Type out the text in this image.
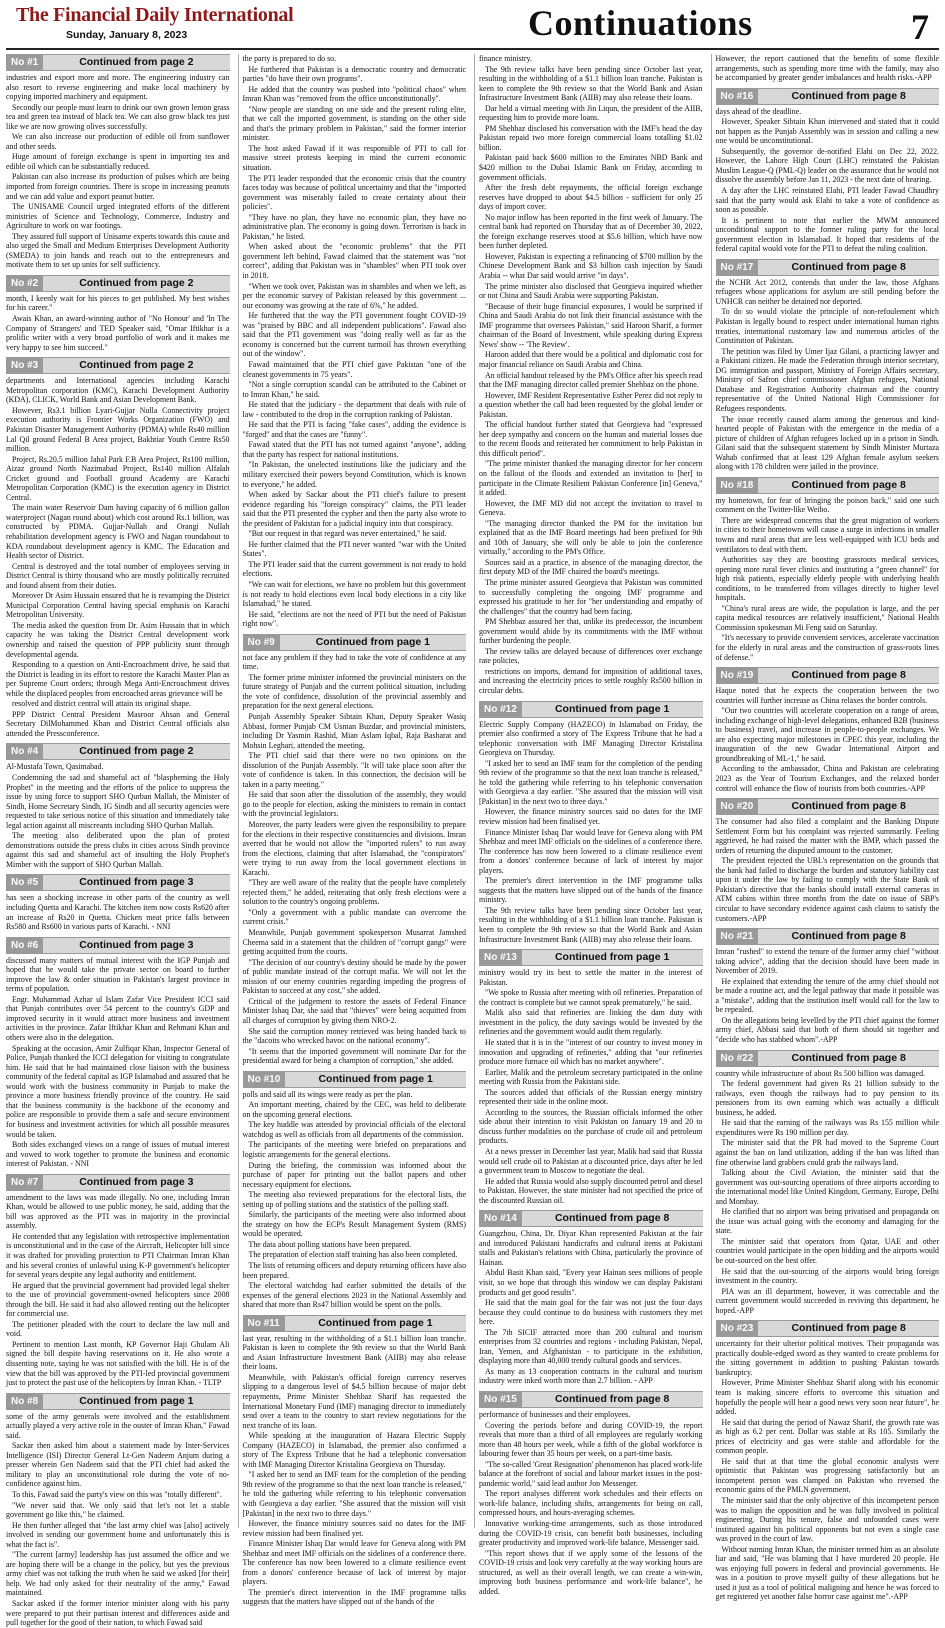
The Financial Daily International
Sunday, January 8, 2023	Continuations	7
No #1	Continued from page 2

industries and export more and more. The engineering industry can also resort to reverse engineering and make local machinery by copying imported machinery and equipment.

Secondly our people must learn to drink our own grown lemon grass tea and green tea instead of black tea. We can also grow black tea just like we are now growing olives successfully.

We can also increase our production of edible oil from sunflower and other seeds.

Huge amount of foreign exchange is spent in importing tea and edible oil which can be substantially reduced.

Pakistan can also increase its production of pulses which are being imported from foreign countries. There is scope in increasing peanuts and we can add value and export peanut butter.

The UNISAME Council urged integrated efforts of the different ministries of Science and Technology, Commerce, Industry and Agriculture to work on war footings.

They assured full support of Unisame experts towards this cause and also urged the Small and Medium Enterprises Development Authority (SMEDA) to join hands and reach out to the entrepreneurs and motivate them to set up units for self sufficiency.

No #2	Continued from page 2

month, I keenly wait for his pieces to get published. My best wishes for his career."

Awais Khan, an award-winning author of "No Honour' and 'In The Company of Strangers' and TED Speaker said, "Omar Iftikhar is a prolific writer with a very broad portfolio of work and it makes me very happy to see him succeed."

No #3	Continued from page 2

departments and International agencies including Karachi Metropolitan corporation (KMC), Karachi Development Authority (KDA), CLICK, World Bank and Asian Development Bank.

However, Rs3.1 billion Lyari-Gujjar Nulla Connectivity project execution authority is Frontier Works Organization (FWO) and Pakistan Disaster Management Authority (PDMA) while Rs40 million Lal Qil ground Federal B Area project, Bakhtiar Youth Centre Rs50 million.

Project, Rs.20.5 million Jahal Park F.B Area Project, Rs100 million, Aizaz ground North Nazimabad Project, Rs140 million Alfalah Cricket ground and Football ground Academy are Karachi Metropolitan Corporation (KMC) is the execution agency in District Central.

The main water Reservoir Dam having capacity of 6 million gallon waterproject (Nagan round about) which cost around Rs.1 billion, was constructed by PDMA. Gujjar-Nullah and Orangi Nullah rehabilitation development agency is FWO and Nagan roundabout to KDA roundabout development agency is KMC. The Education and Health sector of District.

Central is destroyed and the total number of employees serving in District Central is thirty thousand who are mostly politically recruited and found absent from their duties.

Moreover Dr Asim Hussain ensured that he is revamping the District Municipal Corporation Central having special emphasis on Karachi Metropolitan University.

The media asked the question from Dr. Asim Hussain that in which capacity he was taking the District Central development work ownership and raised the question of PPP publicity stunt through developmental agenda.

Responding to a question on Anti-Encroachment drive, he said that the District is leading in its effort to restore the Karachi Master Plan as per Supreme Court orders; through Mega Anti-Encroachment drives while the displaced peoples from encroached areas grievance will be

resolved and district central will attain its original shape.

PPP District Central President Masroor Ahsan and General Secretary DilMohammed Khan and District Central officials also attended the Pressconference.

No #4	Continued from page 2

Al-Mustafa Town, Qasimabad.

Condemning the sad and shameful act of "blaspheming the Holy Prophet" in the meeting and the efforts of the police to suppress the issue by using force to support SHO Qurban Mallah, the Minister of Sindh, Home Secretary Sindh, IG Sindh and all security agencies were requested to take serious notice of this situation and immediately take legal action against all miscreants including SHO Qurban Mallah.

The meeting also deliberated upon the plan of protest demonstrations outside the press clubs in cities across Sindh province against this sad and shameful act of insulting the Holy Prophet's Mimber with the support of SHO Qurban Mallah.

No #5	Continued from page 3

has seen a shocking increase in other parts of the country as well including Quetta and Karachi. The kitchen item now costs Rs620 after an increase of Rs20 in Quetta. Chicken meat price falls between Rs580 and Rs600 in various parts of Karachi. - NNI

No #6	Continued from page 3

discussed many matters of mutual interest with the IGP Punjab and hoped that he would take the private sector on board to further improve the law & order situation in Pakistan's largest province in terms of population.

Engr. Muhammad Azhar ul Islam Zafar Vice President ICCI said that Punjab contributes over 54 percent to the country's GDP and improved security in it would attract more business and investment activities in the province. Zafar Iftikhar Khan and Rehmani Khan and others were also in the delegation.

Speaking at the occasion, Amir Zulfiqar Khan, Inspector General of Police, Punjab thanked the ICCI delegation for visiting to congratulate him. He said that he had maintained close liaison with the business community of the federal capital as IGP Islamabad and assured that he would work with the business community in Punjab to make the province a more business friendly province of the country. He said that the business community is the backbone of the economy and police are responsible to provide them a safe and secure environment for business and investment activities for which all possible measures would be taken.

Both sides exchanged views on a range of issues of mutual interest and vowed to work together to promote the business and economic interest of Pakistan. - NNI

No #7	Continued from page 3

amendment to the laws was made illegally. No one, including Imran Khan, would be allowed to use public money, he said, adding that the bill was approved as the PTI was in majority in the provincial assembly.

He contended that any legislation with retrospective implementation is unconstitutional and in the case of the Aircraft, Helicopter bill since it was drafted for providing protection to PTI Chairman Imran Khan and his several cronies of unlawful using K-P government's helicopter for several years despite any legal authority and entitlement.

He argued that the provincial government had provided legal shelter to the use of provincial government-owned helicopters since 2008 through the bill. He said it had also allowed renting out the helicopter for commercial use.

The petitioner pleaded with the court to declare the law null and void.

Pertinent to mention Last month, KP Governor Haji Ghulam Ali signed the bill despite having reservations on it. He also wrote a dissenting note, saying he was not satisfied with the bill. He is of the view that the bill was approved by the PTI-led provincial government just to protect the past use of the helicopters by Imran Khan. - TLTP

No #8	Continued from page 1

some of the army generals were involved and the establishment actually played a very active role in the ouster of Imran Khan," Fawad said.

Sackar then asked him about a statement made by Inter-Services Intelligence (ISI) Director General Lt-Gen Nadeem Anjum during a presser wherein Gen Nadeem said that the PTI chief had asked the military to play an unconstitutional role during the vote of no-confidence against him.

To this, Fawad said the party's view on this was "totally different".

"We never said that. We only said that let's not let a stable government go like this," he claimed.

He then further alleged that "the last army chief was [also] actively involved in sending our government home and unfortunately this is what the fact is".

"The current [army] leadership has just assumed the office and we are hoping there will be a change in the policy, but yes the previous army chief was not talking the truth when he said we asked [for their] help. We had only asked for their neutrality of the army," Fawad maintained.

Sackar asked if the former interior minister along with his party were prepared to put their partisan interest and differences aside and pull together for the good of their nation, to which Fawad said

the party is prepared to do so.

He furthered that Pakistan is a democratic country and democratic parties "do have their own programs".

He added that the country was pushed into "political chaos" when Imran Khan was "removed from the office unconstitutionally".

"Now people are standing on one side and the present ruling elite, that we call the imported government, is standing on the other side and that's the primary problem in Pakistan," said the former interior minister.

The host asked Fawad if it was responsible of PTI to call for massive street protests keeping in mind the current economic situation.

The PTI leader responded that the economic crisis that the country faces today was because of political uncertainty and that the "imported government was miserably failed to create certainty about their policies".

"They have no plan, they have no economic plan, they have no administrative plan. The economy is going down. Terrorism is back in Pakistan," he listed.

When asked about the "economic problems" that the PTI government left behind, Fawad claimed that the statement was "not correct", adding that Pakistan was in "shambles" when PTI took over in 2018.

"When we took over, Pakistan was in shambles and when we left, as per the economic survey of Pakistan released by this government ... our economy was growing at the rate of 6%," he added.

He furthered that the way the PTI government fought COVID-19 was "praised by BBC and all independent publications". Fawad also said that the PTI government was "doing really well as far as the economy is concerned but the current turmoil has thrown everything out of the window".

Fawad maintained that the PTI chief gave Pakistan "one of the cleanest governments in 75 years".

"Not a single corruption scandal can be attributed to the Cabinet or to Imran Khan," he said.

He stated that the judiciary - the department that deals with rule of law - contributed to the drop in the corruption ranking of Pakistan.

He said that the PTI is facing "fake cases", adding the evidence is "forged" and that the cases are "funny".

Fawad stated that the PTI has not turned against "anyone", adding that the party has respect for national institutions.

"In Pakistan, the unelected institutions like the judiciary and the military exercised their powers beyond Constitution, which is known to everyone," he added.

When asked by Sackar about the PTI chief's failure to present evidence regarding his "foreign conspiracy" claims, the PTI leader said that the PTI presented the cypher and then the party also wrote to the president of Pakistan for a judicial inquiry into that conspiracy.

"But our request in that regard was never entertained," he said.

He further claimed that the PTI never wanted "war with the United States".

The PTI leader said that the current government is not ready to hold elections.

"We can wait for elections, we have no problem but this government is not ready to hold elections even local body elections in a city like Islamabad," he stated.

He said, "elections are not the need of PTI but the need of Pakistan right now".

No #9	Continued from page 1

not face any problem if they had to take the vote of confidence at any time.

The former prime minister informed the provincial ministers on the future strategy of Punjab and the current political situation, including the vote of confidence, dissolution of the provincial assembly and preparation for the next general elections.

Punjab Assembly Speaker Sibtain Khan, Deputy Speaker Wasiq Abbasi, former Punjab CM Usman Buzdar, and provincial ministers, including Dr Yasmin Rashid, Mian Aslam Iqbal, Raja Basharat and Mohsin Leghari, attended the meeting.

The PTI chief said that there were no two opinions on the dissolution of the Punjab Assembly. "It will take place soon after the vote of confidence is taken. In this connection, the decision will be taken in a party meeting."

He said that soon after the dissolution of the assembly, they would go to the people for election, asking the ministers to remain in contact with the provincial legislators.

Moreover, the party leaders were given the responsibility to prepare for the elections in their respective constituencies and divisions. Imran averred that he would not allow the "imported rulers" to run away from the elections, claiming that after Islamabad, the "conspirators" were trying to run away from the local government elections in Karachi.

"They are well aware of the reality that the people have completely rejected them," he added, reiterating that only fresh elections were a solution to the country's ongoing problems.

"Only a government with a public mandate can overcome the current crisis."

Meanwhile, Punjab government spokesperson Musarrat Jamshed Cheema said in a statement that the children of "corrupt gangs" were getting acquitted from the courts.

"The decision of our country's destiny should be made by the power of public mandate instead of the corrupt mafia. We will not let the mission of our enemy countries regarding impeding the progress of Pakistan to succeed at any cost," she added.

Critical of the judgement to restore the assets of Federal Finance Minister Ishaq Dar, she said that "thieves" were being acquitted from all charges of corruption by giving them NRO-2.

She said the corruption money retrieved was being handed back to the "dacoits who wrecked havoc on the national economy".

"It seems that the imported government will nominate Dar for the presidential award for being a champion of corruption," she added.

No #10	Continued from page 1

polls and said all its wings were ready as per the plan.

An important meeting, chaired by the CEC, was held to deliberate on the upcoming general elections.

The key huddle was attended by provincial officials of the electoral watchdog as well as officials from all departments of the commission.

The participants of the meeting were briefed on preparations and logistic arrangements for the general elections.

During the briefing, the commission was informed about the purchase of paper for printing out the ballot papers and other necessary equipment for elections.

The meeting also reviewed preparations for the electoral lists, the setting up of polling stations and the statistics of the polling staff.

Similarly, the participants of the meeting were also informed about the strategy on how the ECP's Result Management System (RMS) would be operated.

The data about polling stations have been prepared.

The preparation of election staff training has also been completed.

The lists of returning officers and deputy returning officers have also been prepared.

The electoral watchdog had earlier submitted the details of the expenses of the general elections 2023 in the National Assembly and shared that more than Rs47 billion would be spent on the polls.

No #11	Continued from page 1

last year, resulting in the withholding of a $1.1 billion loan tranche. Pakistan is keen to complete the 9th review so that the World Bank and Asian Infrastructure Investment Bank (AIIB) may also release their loans.

Meanwhile, with Pakistan's official foreign currency reserves slipping to a dangerous level of $4.5 billion because of major debt repayments, Prime Minister Shehbaz Sharif has requested the International Monetary Fund (IMF) managing director to immediately send over a team to the country to start review negotiations for the next tranche of its loan.

While speaking at the inauguration of Hazara Electric Supply Company (HAZECO) in Islamabad, the premier also confirmed a story of The Express Tribune that he had a telephonic conversation with IMF Managing Director Kristalina Georgieva on Thursday.

"I asked her to send an IMF team for the completion of the pending 9th review of the programme so that the next loan tranche is released," he told the gathering while referring to his telephonic conversation with Georgieva a day earlier. "She assured that the mission will visit [Pakistan] in the next two to three days."

However, the finance ministry sources said no dates for the IMF review mission had been finalised yet.

Finance Minister Ishaq Dar would leave for Geneva along with PM Shehbaz and meet IMF officials on the sidelines of a conference there. The conference has now been lowered to a climate resilience event from a donors' conference because of lack of interest by major players.

The premier's direct intervention in the IMF programme talks suggests that the matters have slipped out of the hands of the

finance ministry.

The 9th review talks have been pending since October last year, resulting in the withholding of a $1.1 billion loan tranche. Pakistan is keen to complete the 9th review so that the World Bank and Asian Infrastructure Investment Bank (AIIB) may also release their loans.

Dar held a virtual meeting with Jin Liqun, the president of the AIIB, requesting him to provide more loans.

PM Shehbaz disclosed his conversation with the IMF's head the day Pakistan repaid two more foreign commercial loans totalling $1.02 billion.

Pakistan paid back $600 million to the Emirates NBD Bank and $420 million to the Dubai Islamic Bank on Friday, according to government officials.

After the fresh debt repayments, the official foreign exchange reserves have dropped to about $4.5 billion - sufficient for only 25 days of import cover.

No major inflow has been reported in the first week of January. The central bank had reported on Thursday that as of December 30, 2022, the foreign exchange reserves stood at $5.6 billion, which have now been further depleted.

However, Pakistan is expecting a refinancing of $700 million by the Chinese Development Bank and $3 billion cash injection by Saudi Arabia -- what Dar said would arrive "in days".

The prime minister also disclosed that Georgieva inquired whether or not China and Saudi Arabia were supporting Pakistan.

"Because of their huge financial exposures, I would be surprised if China and Saudi Arabia do not link their financial assistance with the IMF programme that oversees Pakistan," said Haroon Sharif, a former chairman of the Board of Investment, while speaking during Express News' show -- 'The Review'.

Haroon added that there would be a political and diplomatic cost for major financial reliance on Saudi Arabia and China.

An official handout released by the PM's Office after his speech read that the IMF managing director called premier Shehbaz on the phone.

However, IMF Resident Representative Esther Perez did not reply to a question whether the call had been requested by the global lender or Pakistan.

The official handout further stated that Georgieva had "expressed her deep sympathy and concern on the human and material losses due to the recent floods and reiterated her commitment to help Pakistan in this difficult period".

"The prime minister thanked the managing director for her concern on the fallout of the floods and extended an invitation to [her] to participate in the Climate Resilient Pakistan Conference [in] Geneva," it added.

However, the IMF MD did not accept the invitation to travel to Geneva.

"The managing director thanked the PM for the invitation but explained that as the IMF Board meetings had been prefixed for 9th and 10th of January, she will only be able to join the conference virtually," according to the PM's Office.

Sources said as a practice, in absence of the managing director, the first deputy MD of the IMF chaired the board's meetings.

The prime minister assured Georgieva that Pakistan was committed to successfully completing the ongoing IMF programme and expressed his gratitude to her for "her understanding and empathy of the challenges" that the country had been facing.

PM Shehbaz assured her that, unlike its predecessor, the incumbent government would abide by its commitments with the IMF without further burdening the people.

The review talks are delayed because of differences over exchange rate policies,

restrictions on imports, demand for imposition of additional taxes, and increasing the electricity prices to settle roughly Rs500 billion in circular debts.

No #12	Continued from page 1

Electric Supply Company (HAZECO) in Islamabad on Friday, the premier also confirmed a story of The Express Tribune that he had a telephonic conversation with IMF Managing Director Kristalina Georgieva on Thursday.

"I asked her to send an IMF team for the completion of the pending 9th review of the programme so that the next loan tranche is released," he told the gathering while referring to his telephonic conversation with Georgieva a day earlier. "She assured that the mission will visit [Pakistan] in the next two to three days."

However, the finance ministry sources said no dates for the IMF review mission had been finalised yet.

Finance Minister Ishaq Dar would leave for Geneva along with PM Shehbaz and meet IMF officials on the sidelines of a conference there. The conference has now been lowered to a climate resilience event from a donors' conference because of lack of interest by major players.

The premier's direct intervention in the IMF programme talks suggests that the matters have slipped out of the hands of the finance ministry.

The 9th review talks have been pending since October last year, resulting in the withholding of a $1.1 billion loan tranche. Pakistan is keen to complete the 9th review so that the World Bank and Asian Infrastructure Investment Bank (AIIB) may also release their loans.

No #13	Continued from page 1

ministry would try its best to settle the matter in the interest of Pakistan.

"We spoke to Russia after meeting with oil refineries. Preparation of the contract is complete but we cannot speak prematurely," he said.

Malik also said that refineries are linking the dam duty with investment in the policy, the duty savings would be invested by the refineries and the government would audit them regularly.

He stated that it is in the "interest of our country to invest money in innovation and upgrading of refineries," adding that "our refineries produce more furnace oil which has no market anywhere".

Earlier, Malik and the petroleum secretary participated in the online meeting with Russia from the Pakistani side.

The sources added that officials of the Russian energy ministry represented their side in the online moot.

According to the sources, the Russian officials informed the other side about their intention to visit Pakistan on January 19 and 20 to discuss further modalities on the purchase of crude oil and petroleum products.

At a news presser in December last year, Malik had said that Russia would sell crude oil to Pakistan at a discounted price, days after he led a government team to Moscow to negotiate the deal.

He added that Russia would also supply discounted petrol and diesel to Pakistan. However, the state minister had not specified the price of the discounted Russian oil.

No #14	Continued from page 8

Guangzhou, China, Dr. Diyar Khan represented Pakistan at the fair and introduced Pakistani handicrafts and cultural items at Pakistani stalls and Pakistan's relations with China, particularly the province of Hainan.

Abdul Basit Khan said, "Every year Hainan sees millions of people visit, so we hope that through this window we can display Pakistani products and get good results".

He said that the main goal for the fair was not just the four days because they could continue to do business with customers they met here.

The 7th SICIF attracted more than 200 cultural and tourism enterprises from 32 countries and regions - including Pakistan, Nepal, Iran, Yemen, and Afghanistan - to participate in the exhibition, displaying more than 40,000 trendy cultural goods and services.

As many as 13 cooperation contracts in the cultural and tourism industry were inked worth more than 2.7 billion. - APP

No #15	Continued from page 8

performance of businesses and their employees.

Covering the periods before and during COVID-19, the report reveals that more than a third of all employees are regularly working more than 48 hours per week, while a fifth of the global workforce is labouring fewer than 35 hours per week, on a part-time basis.

"The so-called 'Great Resignation' phenomenon has placed work-life balance at the forefront of social and labour market issues in the post-pandemic world," said lead author Jon Messenger.

The report analyses different work schedules and their effects on work-life balance, including shifts, arrangements for being on call, compressed hours, and hours-averaging schemes.

Innovative working-time arrangements, such as those introduced during the COVID-19 crisis, can benefit both businesses, including greater productivity and improved work-life balance, Messenger said.

"This report shows that if we apply some of the lessons of the COVID-19 crisis and look very carefully at the way working hours are structured, as well as their overall length, we can create a win-win, improving both business performance and work-life balance", he added.

However, the report cautioned that the benefits of some flexible arrangements, such as spending more time with the family, may also be accompanied by greater gender imbalances and health risks.-APP

No #16	Continued from page 8

days ahead of the deadline.

However, Speaker Sibtain Khan intervened and stated that it could not happen as the Punjab Assembly was in session and calling a new one would be unconstitutional.

Subsequently, the governor de-notified Elahi on Dec 22, 2022. However, the Lahore High Court (LHC) reinstated the Pakistan Muslim League-Q (PML-Q) leader on the assurance that he would not dissolve the assembly before Jan 11, 2023 - the next date of hearing.

A day after the LHC reinstated Elahi, PTI leader Fawad Chaudhry said that the party would ask Elahi to take a vote of confidence as soon as possible.

It is pertinent to note that earlier the MWM announced unconditional support to the former ruling party for the local government election in Islamabad. It hoped that residents of the federal capital would vote for the PTI to defeat the ruling coalition.

No #17	Continued from page 8

the NCHR Act 2012, contends that under the law, those Afghans refugees whose applications for asylum are still pending before the UNHCR can neither be detained nor deported.

To do so would violate the principle of non-refoulement which Pakistan is legally bound to respect under international human rights treaties, international customary law and numerous articles of the Constitution of Pakistan.

The petition was filed by Umer Ijaz Gilani, a practicing lawyer and a Pakistani citizen. He made the Federation through interior secretary, DG immigration and passport, Ministry of Foreign Affairs secretary, Ministry of Safron chief commissioner Afghan refugees, National Database and Registration Authority chairman and the country representative of the United National High Commissioner for Refugees respondents.

The issue recently caused alarm among the generous and kind-hearted people of Pakistan with the emergence in the media of a picture of children of Afghan refugees locked up in a prison in Sindh. Gilani said that the subsequent statement by Sindh Minister Murtaza Wahab confirmed that at least 129 Afghan female asylum seekers along with 178 children were jailed in the province.

No #18	Continued from page 8

my hometown, for fear of bringing the poison back," said one such comment on the Twitter-like Weibo.

There are widespread concerns that the great migration of workers in cities to their hometowns will cause a surge in infections in smaller towns and rural areas that are less well-equipped with ICU beds and ventilators to deal with them.

Authorities say they are boosting grassroots medical services, opening more rural fever clinics and instituting a "green channel" for high risk patients, especially elderly people with underlying health conditions, to be transferred from villages directly to higher level hospitals.

"China's rural areas are wide, the population is large, and the per capita medical resources are relatively insufficient," National Health Commission spokesman Mi Feng said on Saturday.

"It's necessary to provide convenient services, accelerate vaccination for the elderly in rural areas and the construction of grass-roots lines of defense."

No #19	Continued from page 8

Haque noted that he expects the cooperation between the two countries will further increase as China relaxes the border controls.

"Our two countries will accelerate cooperation on a range of areas, including exchange of high-level delegations, enhanced B2B (business to business) travel, and increase in people-to-people exchanges. We are also expecting major milestones in CPEC this year, including the inauguration of the new Gwadar International Airport and groundbreaking of ML-1," he said.

According to the ambassador, China and Pakistan are celebrating 2023 as the Year of Tourism Exchanges, and the relaxed border control will enhance the flow of tourists from both countries.-APP

No #20	Continued from page 8

The consumer had also filed a complaint and the Banking Dispute Settlement Form but his complaint was rejected summarily. Feeling aggrieved, he had raised the matter with the BMP, which passed the orders of returning the disputed amount to the customer.

The president rejected the UBL's representation on the grounds that the bank had failed to discharge the burden and statutory liability cast upon it under the law by failing to comply with the State Bank of Pakistan's directive that the banks should install external cameras in ATM cabins within three months from the date on issue of SBP's circular to have secondary evidence against cash claims to satisfy the customers.-APP

No #21	Continued from page 8

Imran "rushed" to extend the tenure of the former army chief "without taking advice", adding that the decision should have been made in November of 2019.

He explained that extending the tenure of the army chief should not be made a routine act, and the legal pathway that made it possible was a "mistake", adding that the institution itself would call for the law to be repealed.

On the allegations being levelled by the PTI chief against the former army chief, Abbasi said that both of them should sit together and "decide who has stabbed whom".-APP

No #22	Continued from page 8

country while infrastructure of about Rs 500 billion was damaged.

The federal government had given Rs 21 billion subsidy to the railways, even though the railways had to pay pension to its pensioners from its own earning which was actually a difficult business, he added.

He said that the earning of the railways was Rs 155 million while expenditures were Rs 190 million per day.

The minister said that the PR had moved to the Supreme Court against the ban on land utilization, adding if the ban was lifted than fine otherwise land grabbers could grab the railways land.

Talking about the Civil Aviation, the minister said that the government was out-sourcing operations of three airports according to the international model like United Kingdom, Germany, Europe, Delhi and Mombay.

He clarified that no airport was being privatised and propaganda on the issue was actual going with the economy and damaging for the state.

The minister said that operators from Qatar, UAE and other countries would participate in the open bidding and the airports would be out-sourced on the best offer.

He said that the out-sourcing of the airports would bring foreign investment in the country.

PIA was an ill department, however, it was correctable and the current government would succeeded in reviving this department, he hoped.-APP

No #23	Continued from page 8

uncertainty for their ulterior political motives. Their propaganda was practically double-edged sword as they wanted to create problems for the sitting government in addition to pushing Pakistan towards bankruptcy.

However, Prime Minister Shehbaz Sharif along with his economic team is making sincere efforts to overcome this situation and hopefully the people will hear a good news very soon near future", he added.

He said that during the period of Nawaz Sharif, the growth rate was as high as 6.2 per cent. Dollar was stable at Rs 105. Similarly the prices of electricity and gas were stable and affordable for the common people.

He said that at that time the global economic analysts were optimistic that Pakistan was progressing satisfactorily but an incompetent person was clamped on Pakistan who reversed the economic gains of the PMLN government.

The minister said that the only objective of this incompetent person was to malign the opposition and he was fully involved in political engineering. During his tenure, false and unfounded cases were instituted against his political opponents but not even a single case was proved in the court of law.

Without naming Imran Khan, the minister termed him as an absolute liar and said, "He was blaming that I have murdered 20 people. He was enjoying full powers in federal and provincial governments. He was in a position to prove myself guilty of these allegations but he used it just as a tool of political maligning and hence he was forced to get registered yet another false horror case against me".-APP
